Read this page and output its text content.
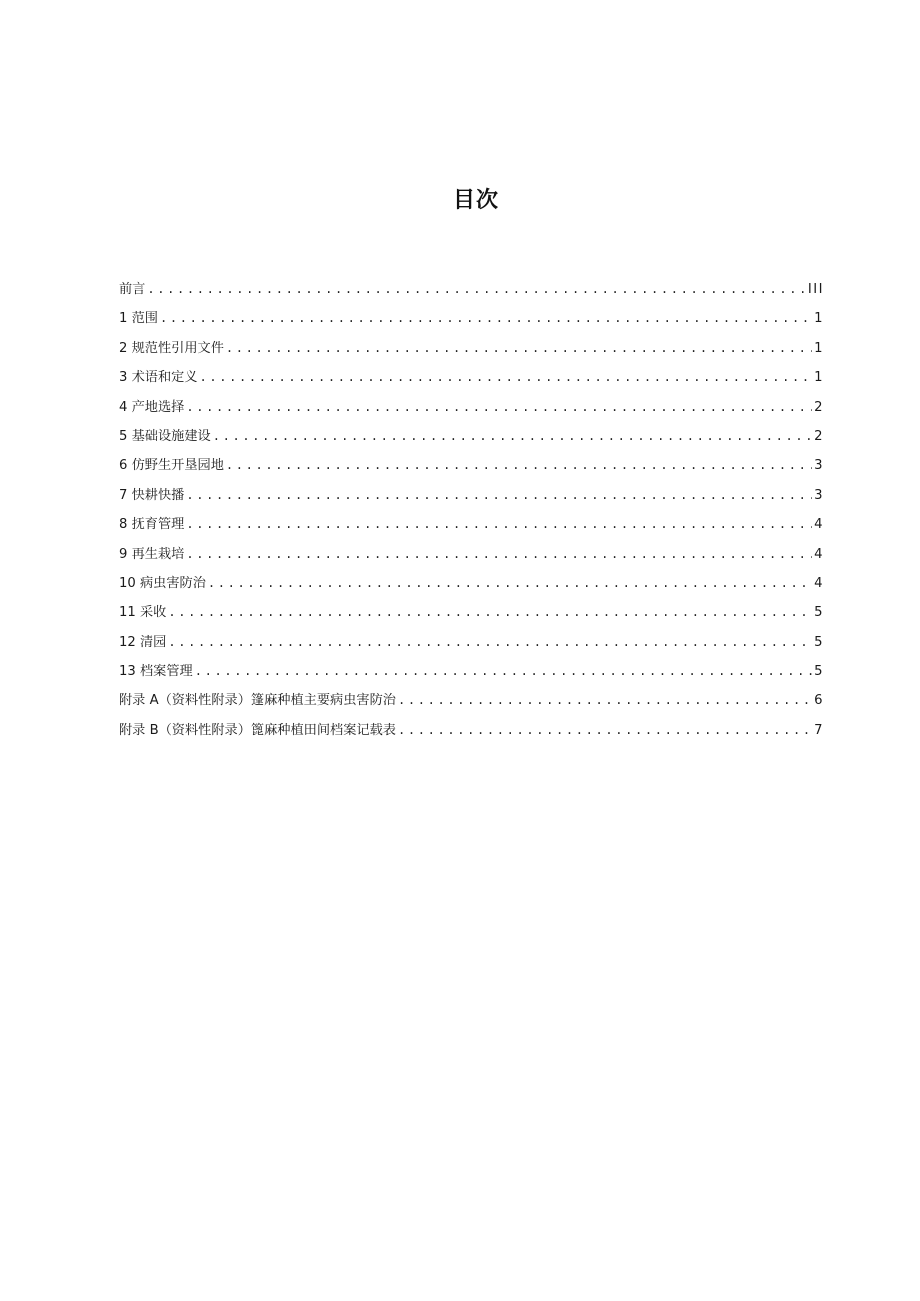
目次
前言 .....	III
1 范围 .....	1
2 规范性引用文件 .....	1
3 术语和定义 .....	1
4 产地选择 .....	2
5 基础设施建设 .....	2
6 仿野生开垦园地 .....	3
7 快耕快播 .....	3
8 抚育管理 .....	4
9 再生栽培 .....	4
10 病虫害防治 .....	4
11 采收 .....	5
12 清园 .....	5
13 档案管理 .....	5
附录 A（资料性附录）篷麻种植主要病虫害防治 .....	6
附录 B（资料性附录）篦麻种植田间档案记载表 .....	7
